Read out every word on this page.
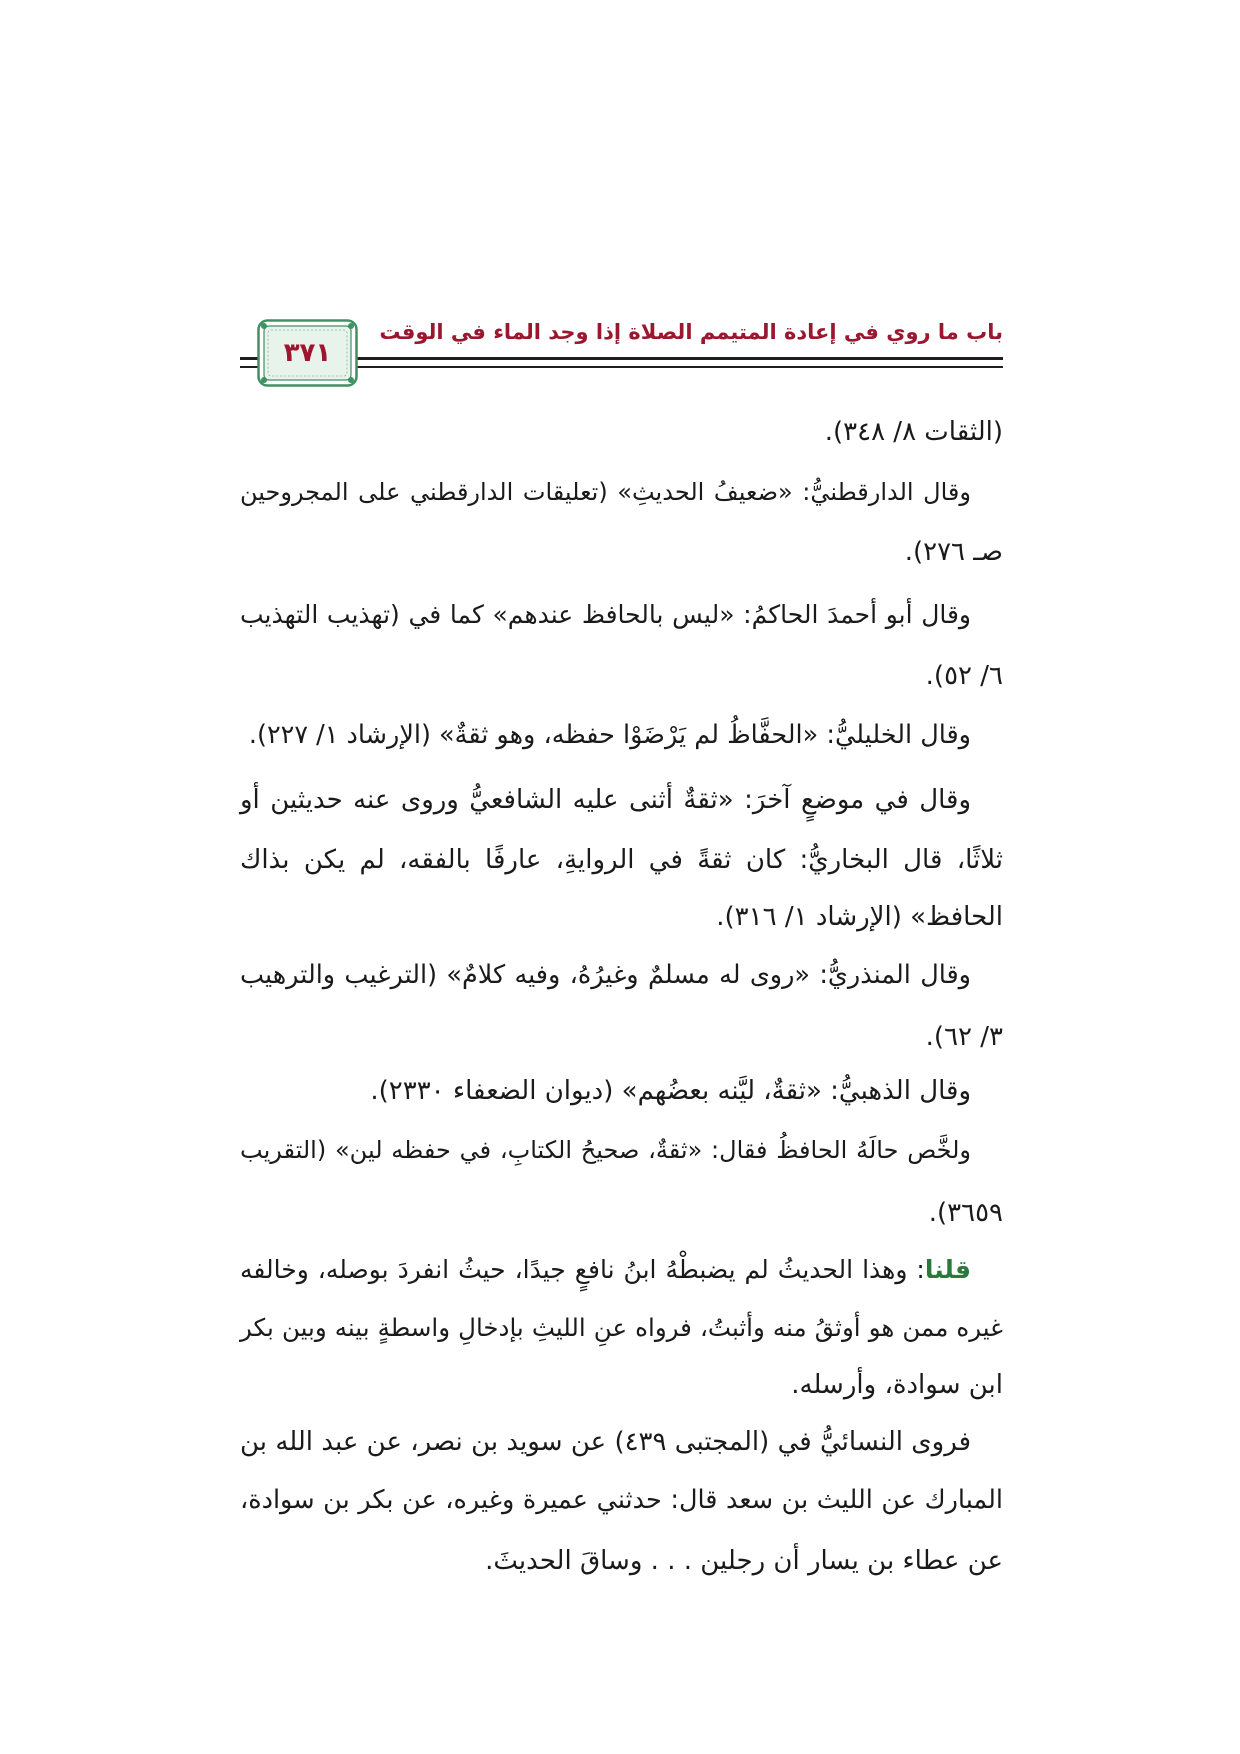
باب ما روي في إعادة المتيمم الصلاة إذا وجد الماء في الوقت
٣٧١
(الثقات ٨/ ٣٤٨).
وقال الدارقطنيُّ: «ضعيفُ الحديثِ» (تعليقات الدارقطني على المجروحين
صـ ٢٧٦).
وقال أبو أحمدَ الحاكمُ: «ليس بالحافظ عندهم» كما في (تهذيب التهذيب
٦/ ٥٢).
وقال الخليليُّ: «الحفَّاظُ لم يَرْضَوْا حفظه، وهو ثقةٌ» (الإرشاد ١/ ٢٢٧).
وقال في موضعٍ آخرَ: «ثقةٌ أثنى عليه الشافعيُّ وروى عنه حديثين أو
ثلاثًا، قال البخاريُّ: كان ثقةً في الروايةِ، عارفًا بالفقه، لم يكن بذاك
الحافظ» (الإرشاد ١/ ٣١٦).
وقال المنذريُّ: «روى له مسلمٌ وغيرُهُ، وفيه كلامٌ» (الترغيب والترهيب
٣/ ٦٢).
وقال الذهبيُّ: «ثقةٌ، ليَّنه بعضُهم» (ديوان الضعفاء ٢٣٣٠).
ولخَّص حالَهُ الحافظُ فقال: «ثقةٌ، صحيحُ الكتابِ، في حفظه لين» (التقريب
٣٦٥٩).
قلنا: وهذا الحديثُ لم يضبطْهُ ابنُ نافعٍ جيدًا، حيثُ انفردَ بوصله، وخالفه
غيره ممن هو أوثقُ منه وأثبتُ، فرواه عنِ الليثِ بإدخالِ واسطةٍ بينه وبين بكر
ابن سوادة، وأرسله.
فروى النسائيُّ في (المجتبى ٤٣٩) عن سويد بن نصر، عن عبد الله بن
المبارك عن الليث بن سعد قال: حدثني عميرة وغيره، عن بكر بن سوادة،
عن عطاء بن يسار أن رجلين . . . وساقَ الحديثَ.
